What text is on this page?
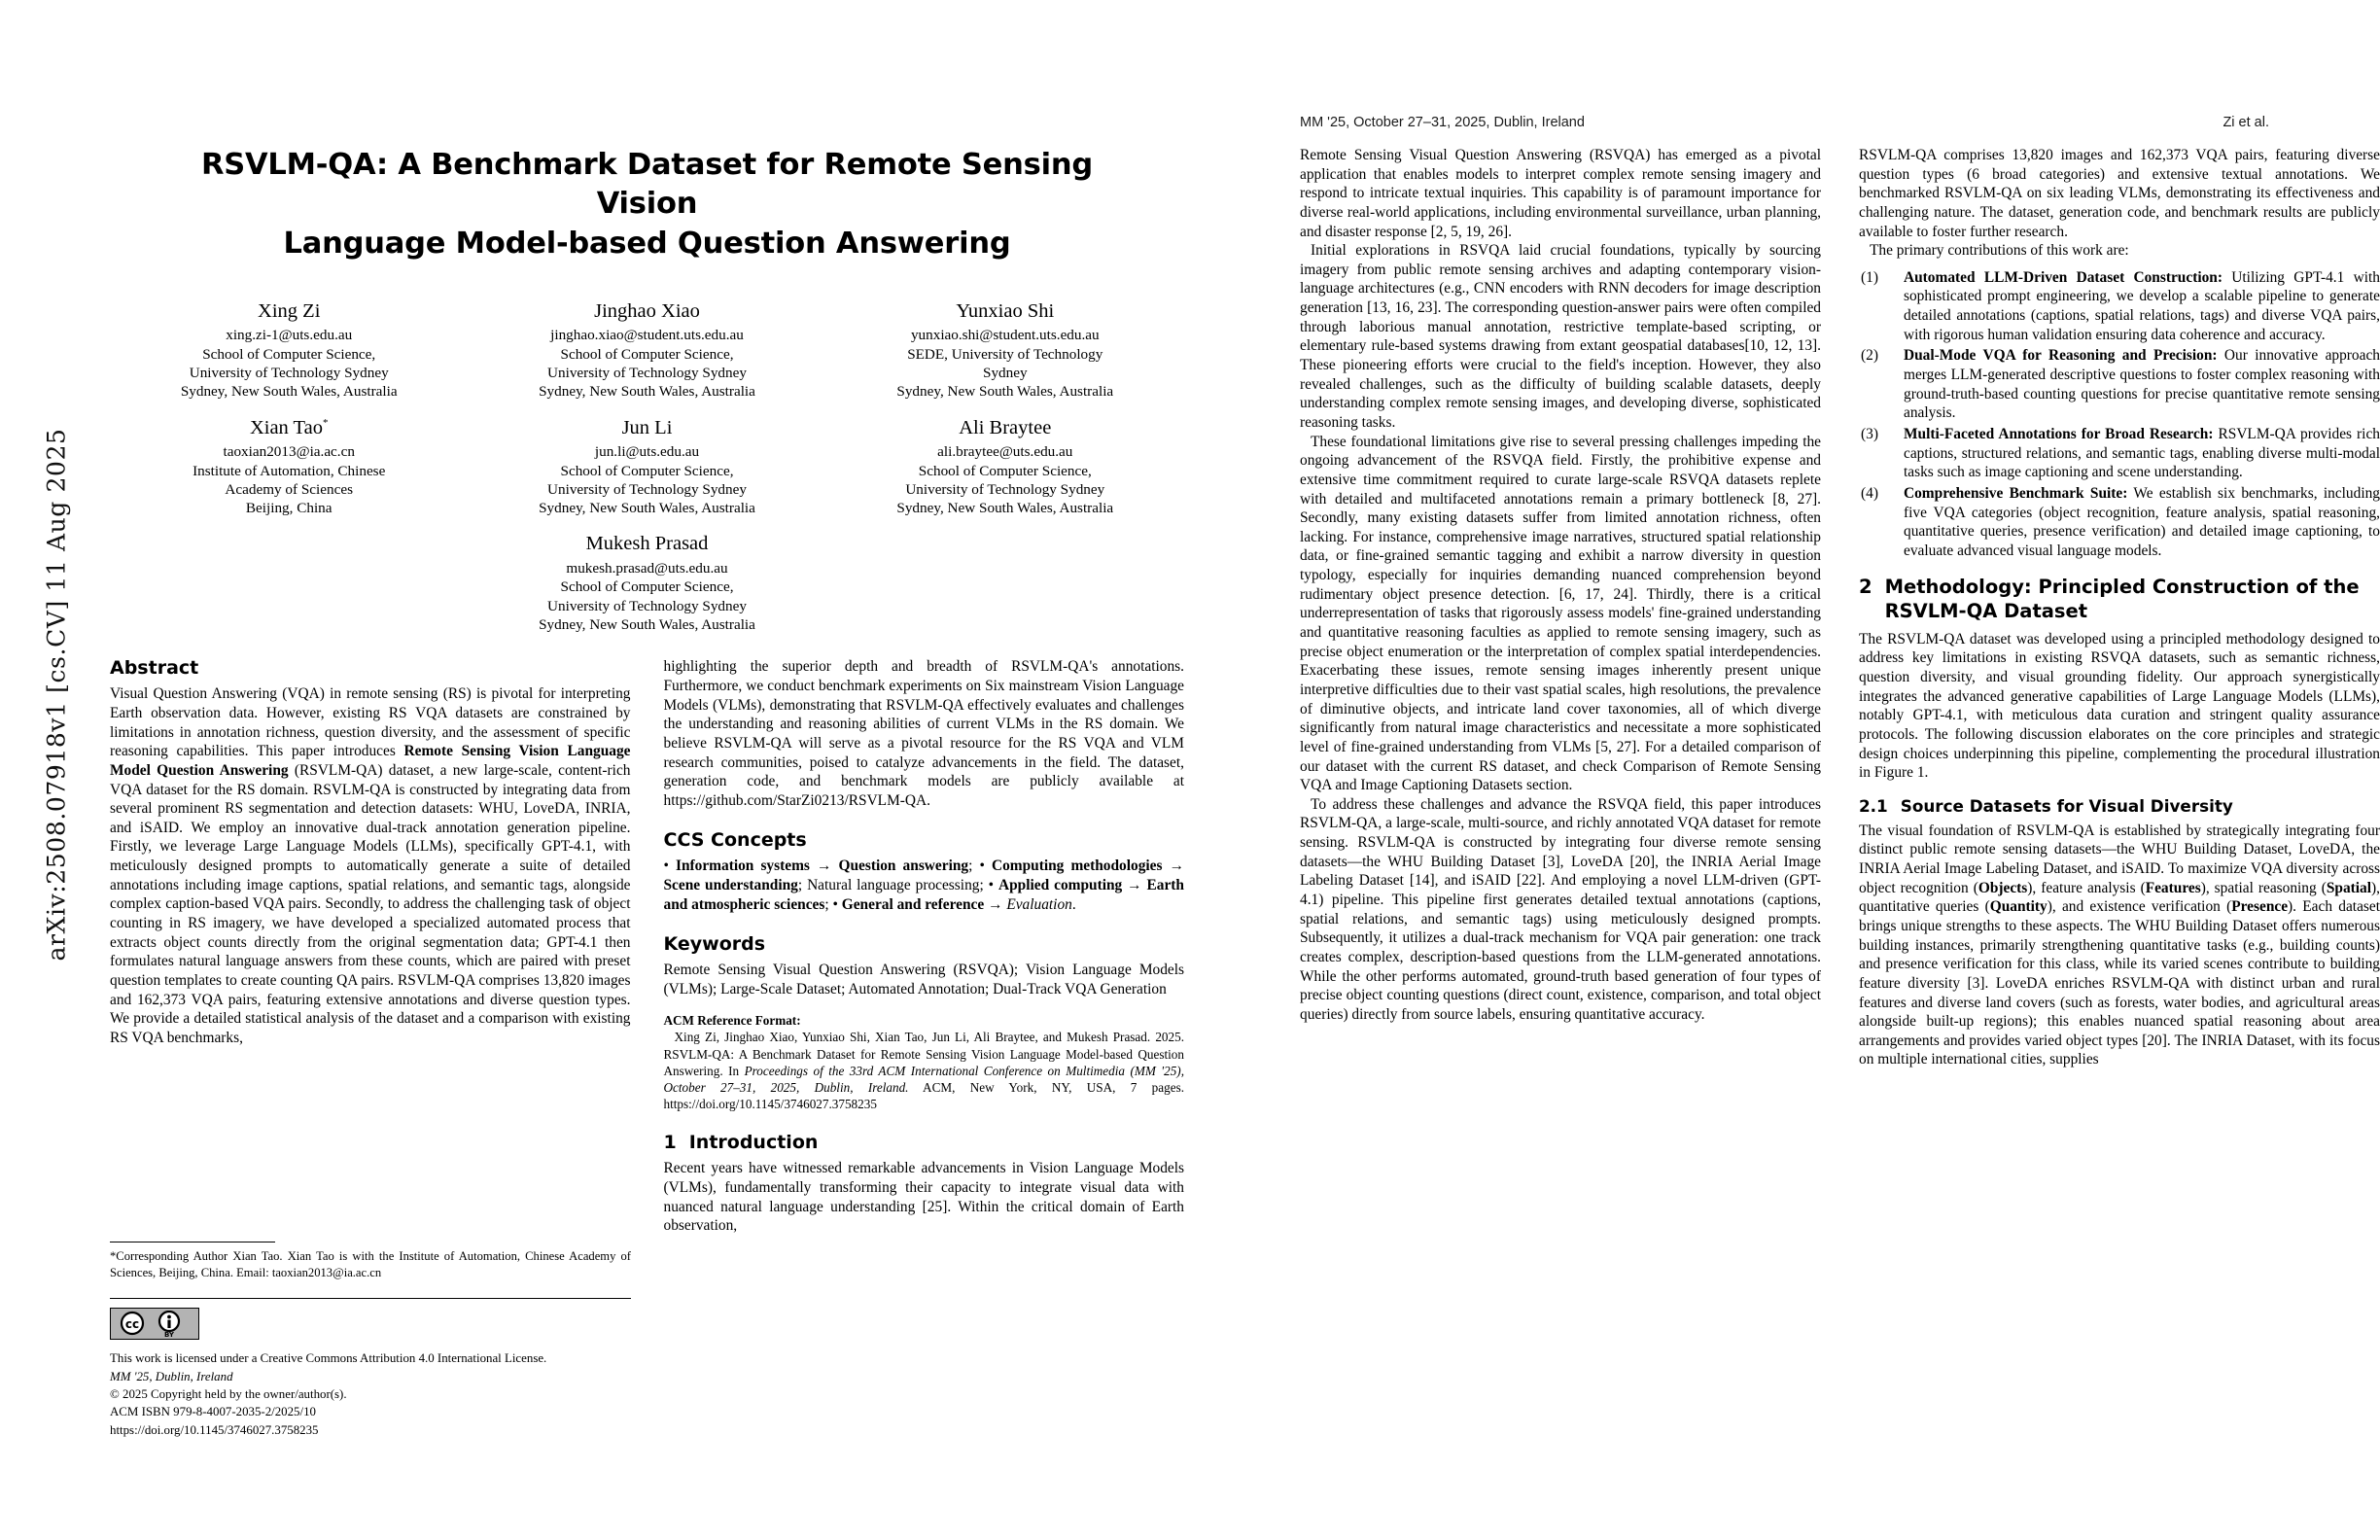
arXiv:2508.07918v1 [cs.CV] 11 Aug 2025
MM '25, October 27–31, 2025, Dublin, Ireland	Zi et al.
RSVLM-QA: A Benchmark Dataset for Remote Sensing Vision
Language Model-based Question Answering
Xing Zi
xing.zi-1@uts.edu.au
School of Computer Science,
University of Technology Sydney
Sydney, New South Wales, Australia
Jinghao Xiao
jinghao.xiao@student.uts.edu.au
School of Computer Science,
University of Technology Sydney
Sydney, New South Wales, Australia
Yunxiao Shi
yunxiao.shi@student.uts.edu.au
SEDE, University of Technology
Sydney
Sydney, New South Wales, Australia
Xian Tao*
taoxian2013@ia.ac.cn
Institute of Automation, Chinese
Academy of Sciences
Beijing, China
Jun Li
jun.li@uts.edu.au
School of Computer Science,
University of Technology Sydney
Sydney, New South Wales, Australia
Ali Braytee
ali.braytee@uts.edu.au
School of Computer Science,
University of Technology Sydney
Sydney, New South Wales, Australia
Mukesh Prasad
mukesh.prasad@uts.edu.au
School of Computer Science,
University of Technology Sydney
Sydney, New South Wales, Australia
Abstract

Visual Question Answering (VQA) in remote sensing (RS) is pivotal for interpreting Earth observation data. However, existing RS VQA datasets are constrained by limitations in annotation richness, question diversity, and the assessment of specific reasoning capabilities. This paper introduces Remote Sensing Vision Language Model Question Answering (RSVLM-QA) dataset, a new large-scale, content-rich VQA dataset for the RS domain. RSVLM-QA is constructed by integrating data from several prominent RS segmentation and detection datasets: WHU, LoveDA, INRIA, and iSAID. We employ an innovative dual-track annotation generation pipeline. Firstly, we leverage Large Language Models (LLMs), specifically GPT-4.1, with meticulously designed prompts to automatically generate a suite of detailed annotations including image captions, spatial relations, and semantic tags, alongside complex caption-based VQA pairs. Secondly, to address the challenging task of object counting in RS imagery, we have developed a specialized automated process that extracts object counts directly from the original segmentation data; GPT-4.1 then formulates natural language answers from these counts, which are paired with preset question templates to create counting QA pairs. RSVLM-QA comprises 13,820 images and 162,373 VQA pairs, featuring extensive annotations and diverse question types. We provide a detailed statistical analysis of the dataset and a comparison with existing RS VQA benchmarks,

*Corresponding Author Xian Tao. Xian Tao is with the Institute of Automation, Chinese Academy of Sciences, Beijing, China. Email: taoxian2013@ia.ac.cn
cc
BY
This work is licensed under a Creative Commons Attribution 4.0 International License.
MM '25, Dublin, Ireland
© 2025 Copyright held by the owner/author(s).
ACM ISBN 979-8-4007-2035-2/2025/10
https://doi.org/10.1145/3746027.3758235

highlighting the superior depth and breadth of RSVLM-QA's annotations. Furthermore, we conduct benchmark experiments on Six mainstream Vision Language Models (VLMs), demonstrating that RSVLM-QA effectively evaluates and challenges the understanding and reasoning abilities of current VLMs in the RS domain. We believe RSVLM-QA will serve as a pivotal resource for the RS VQA and VLM research communities, poised to catalyze advancements in the field. The dataset, generation code, and benchmark models are publicly available at https://github.com/StarZi0213/RSVLM-QA.

CCS Concepts

• Information systems → Question answering; • Computing methodologies → Scene understanding; Natural language processing; • Applied computing → Earth and atmospheric sciences; • General and reference → Evaluation.

Keywords

Remote Sensing Visual Question Answering (RSVQA); Vision Language Models (VLMs); Large-Scale Dataset; Automated Annotation; Dual-Track VQA Generation

ACM Reference Format:

Xing Zi, Jinghao Xiao, Yunxiao Shi, Xian Tao, Jun Li, Ali Braytee, and Mukesh Prasad. 2025. RSVLM-QA: A Benchmark Dataset for Remote Sensing Vision Language Model-based Question Answering. In Proceedings of the 33rd ACM International Conference on Multimedia (MM '25), October 27–31, 2025, Dublin, Ireland. ACM, New York, NY, USA, 7 pages. https://doi.org/10.1145/3746027.3758235

1 Introduction

Recent years have witnessed remarkable advancements in Vision Language Models (VLMs), fundamentally transforming their capacity to integrate visual data with nuanced natural language understanding [25]. Within the critical domain of Earth observation,

Remote Sensing Visual Question Answering (RSVQA) has emerged as a pivotal application that enables models to interpret complex remote sensing imagery and respond to intricate textual inquiries. This capability is of paramount importance for diverse real-world applications, including environmental surveillance, urban planning, and disaster response [2, 5, 19, 26].

Initial explorations in RSVQA laid crucial foundations, typically by sourcing imagery from public remote sensing archives and adapting contemporary vision-language architectures (e.g., CNN encoders with RNN decoders for image description generation [13, 16, 23]. The corresponding question-answer pairs were often compiled through laborious manual annotation, restrictive template-based scripting, or elementary rule-based systems drawing from extant geospatial databases[10, 12, 13]. These pioneering efforts were crucial to the field's inception. However, they also revealed challenges, such as the difficulty of building scalable datasets, deeply understanding complex remote sensing images, and developing diverse, sophisticated reasoning tasks.

These foundational limitations give rise to several pressing challenges impeding the ongoing advancement of the RSVQA field. Firstly, the prohibitive expense and extensive time commitment required to curate large-scale RSVQA datasets replete with detailed and multifaceted annotations remain a primary bottleneck [8, 27]. Secondly, many existing datasets suffer from limited annotation richness, often lacking. For instance, comprehensive image narratives, structured spatial relationship data, or fine-grained semantic tagging and exhibit a narrow diversity in question typology, especially for inquiries demanding nuanced comprehension beyond rudimentary object presence detection. [6, 17, 24]. Thirdly, there is a critical underrepresentation of tasks that rigorously assess models' fine-grained understanding and quantitative reasoning faculties as applied to remote sensing imagery, such as precise object enumeration or the interpretation of complex spatial interdependencies. Exacerbating these issues, remote sensing images inherently present unique interpretive difficulties due to their vast spatial scales, high resolutions, the prevalence of diminutive objects, and intricate land cover taxonomies, all of which diverge significantly from natural image characteristics and necessitate a more sophisticated level of fine-grained understanding from VLMs [5, 27]. For a detailed comparison of our dataset with the current RS dataset, and check Comparison of Remote Sensing VQA and Image Captioning Datasets section.

To address these challenges and advance the RSVQA field, this paper introduces RSVLM-QA, a large-scale, multi-source, and richly annotated VQA dataset for remote sensing. RSVLM-QA is constructed by integrating four diverse remote sensing datasets—the WHU Building Dataset [3], LoveDA [20], the INRIA Aerial Image Labeling Dataset [14], and iSAID [22]. And employing a novel LLM-driven (GPT-4.1) pipeline. This pipeline first generates detailed textual annotations (captions, spatial relations, and semantic tags) using meticulously designed prompts. Subsequently, it utilizes a dual-track mechanism for VQA pair generation: one track creates complex, description-based questions from the LLM-generated annotations. While the other performs automated, ground-truth based generation of four types of precise object counting questions (direct count, existence, comparison, and total object queries) directly from source labels, ensuring quantitative accuracy.

RSVLM-QA comprises 13,820 images and 162,373 VQA pairs, featuring diverse question types (6 broad categories) and extensive textual annotations. We benchmarked RSVLM-QA on six leading VLMs, demonstrating its effectiveness and challenging nature. The dataset, generation code, and benchmark results are publicly available to foster further research.

The primary contributions of this work are:

Automated LLM-Driven Dataset Construction: Utilizing GPT-4.1 with sophisticated prompt engineering, we develop a scalable pipeline to generate detailed annotations (captions, spatial relations, tags) and diverse VQA pairs, with rigorous human validation ensuring data coherence and accuracy.
Dual-Mode VQA for Reasoning and Precision: Our innovative approach merges LLM-generated descriptive questions to foster complex reasoning with ground-truth-based counting questions for precise quantitative remote sensing analysis.
Multi-Faceted Annotations for Broad Research: RSVLM-QA provides rich captions, structured relations, and semantic tags, enabling diverse multi-modal tasks such as image captioning and scene understanding.
Comprehensive Benchmark Suite: We establish six benchmarks, including five VQA categories (object recognition, feature analysis, spatial reasoning, quantitative queries, presence verification) and detailed image captioning, to evaluate advanced visual language models.
2 Methodology: Principled Construction of the RSVLM-QA Dataset

The RSVLM-QA dataset was developed using a principled methodology designed to address key limitations in existing RSVQA datasets, such as semantic richness, question diversity, and visual grounding fidelity. Our approach synergistically integrates the advanced generative capabilities of Large Language Models (LLMs), notably GPT-4.1, with meticulous data curation and stringent quality assurance protocols. The following discussion elaborates on the core principles and strategic design choices underpinning this pipeline, complementing the procedural illustration in Figure 1.

2.1 Source Datasets for Visual Diversity

The visual foundation of RSVLM-QA is established by strategically integrating four distinct public remote sensing datasets—the WHU Building Dataset, LoveDA, the INRIA Aerial Image Labeling Dataset, and iSAID. To maximize VQA diversity across object recognition (Objects), feature analysis (Features), spatial reasoning (Spatial), quantitative queries (Quantity), and existence verification (Presence). Each dataset brings unique strengths to these aspects. The WHU Building Dataset offers numerous building instances, primarily strengthening quantitative tasks (e.g., building counts) and presence verification for this class, while its varied scenes contribute to building feature diversity [3]. LoveDA enriches RSVLM-QA with distinct urban and rural features and diverse land covers (such as forests, water bodies, and agricultural areas alongside built-up regions); this enables nuanced spatial reasoning about area arrangements and provides varied object types [20]. The INRIA Dataset, with its focus on multiple international cities, supplies
